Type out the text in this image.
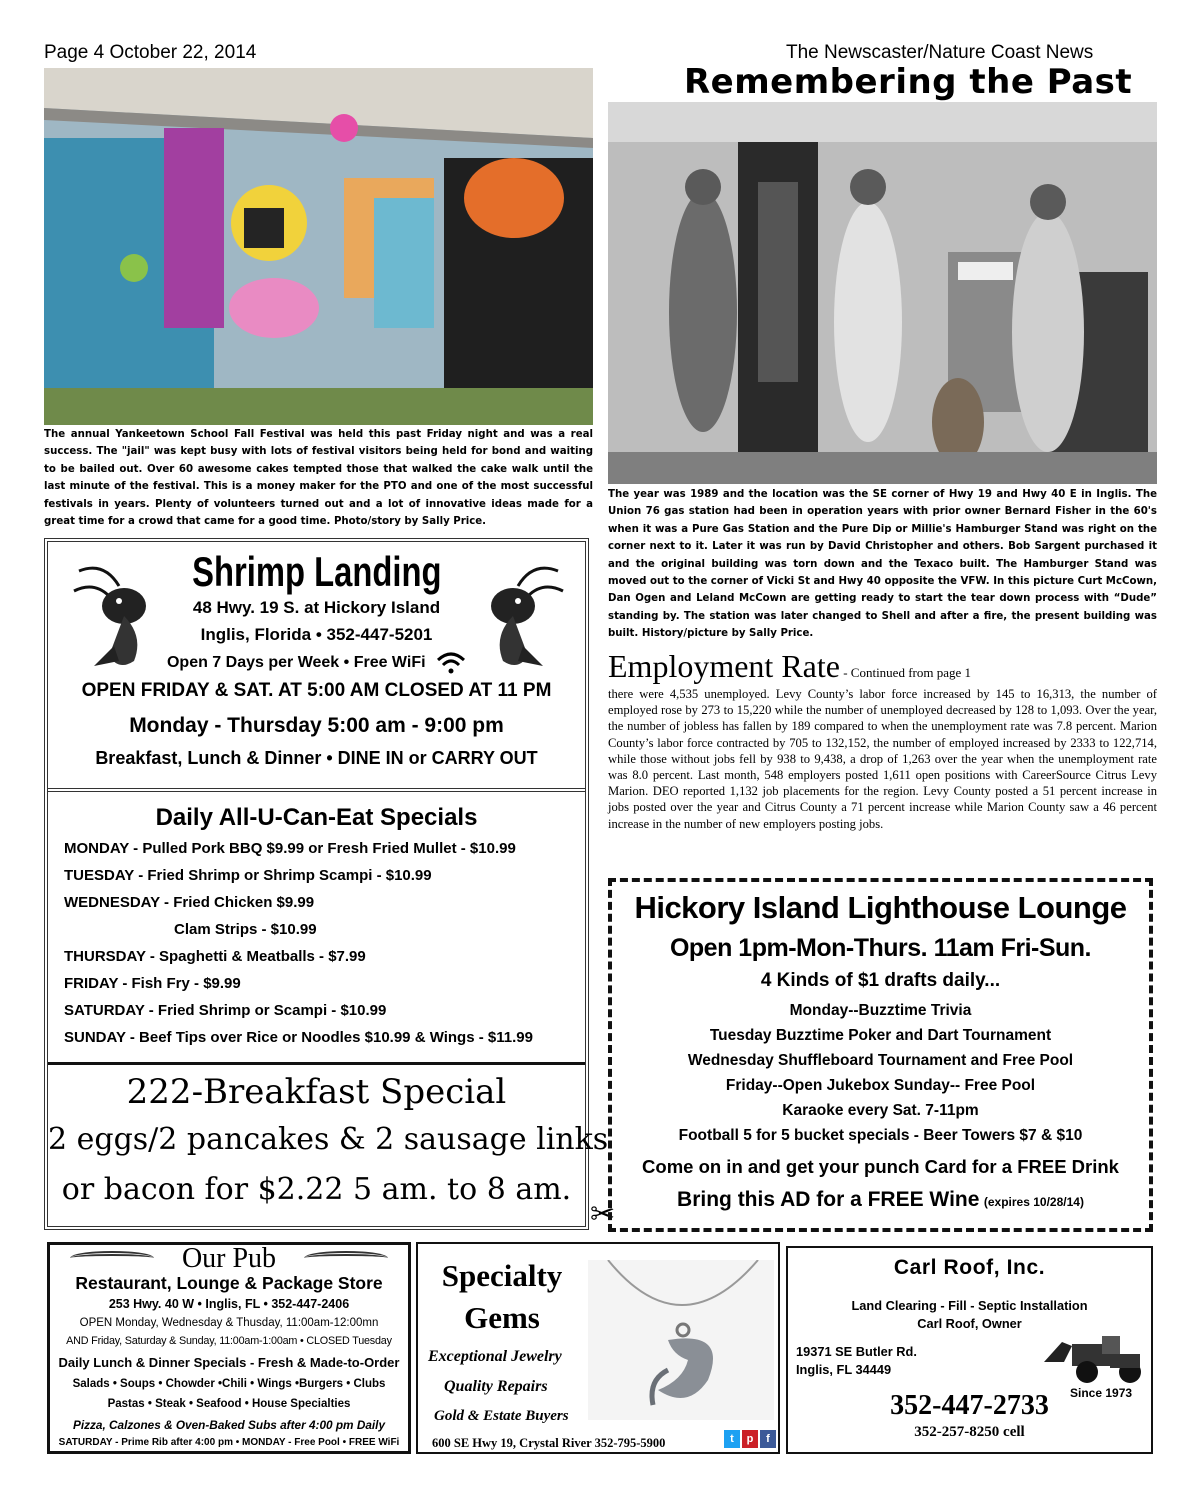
Page 4 October 22, 2014	The Newscaster/Nature Coast News
The annual Yankeetown School Fall Festival was held this past Friday night and was a real success. The "jail" was kept busy with lots of festival visitors being held for bond and waiting to be bailed out. Over 60 awesome cakes tempted those that walked the cake walk until the last minute of the festival. This is a money maker for the PTO and one of the most successful festivals in years. Plenty of volunteers turned out and a lot of innovative ideas made for a great time for a crowd that came for a good time. Photo/story by Sally Price.
Remembering the Past
The year was 1989 and the location was the SE corner of Hwy 19 and Hwy 40 E in Inglis. The Union 76 gas station had been in operation years with prior owner Bernard Fisher in the 60's when it was a Pure Gas Station and the Pure Dip or Millie's Hamburger Stand was right on the corner next to it. Later it was run by David Christopher and others. Bob Sargent purchased it and the original building was torn down and the Texaco built. The Hamburger Stand was moved out to the corner of Vicki St and Hwy 40 opposite the VFW. In this picture Curt McCown, Dan Ogen and Leland McCown are getting ready to start the tear down process with “Dude” standing by. The station was later changed to Shell and after a fire, the present building was built. History/picture by Sally Price.
Employment Rate - Continued from page 1
there were 4,535 unemployed. Levy County’s labor force increased by 145 to 16,313, the number of employed rose by 273 to 15,220 while the number of unemployed decreased by 128 to 1,093. Over the year, the number of jobless has fallen by 189 compared to when the unemployment rate was 7.8 percent. Marion County’s labor force contracted by 705 to 132,152, the number of employed increased by 2333 to 122,714, while those without jobs fell by 938 to 9,438, a drop of 1,263 over the year when the unemployment rate was 8.0 percent. Last month, 548 employers posted 1,611 open positions with CareerSource Citrus Levy Marion. DEO reported 1,132 job placements for the region. Levy County posted a 51 percent increase in jobs posted over the year and Citrus County a 71 percent increase while Marion County saw a 46 percent increase in the number of new employers posting jobs.
Shrimp Landing
48 Hwy. 19 S. at Hickory Island
Inglis, Florida • 352-447-5201
Open 7 Days per Week • Free WiFi
OPEN FRIDAY & SAT. AT 5:00 AM CLOSED AT 11 PM
Monday - Thursday 5:00 am - 9:00 pm
Breakfast, Lunch & Dinner • DINE IN or CARRY OUT
Daily All-U-Can-Eat Specials
MONDAY - Pulled Pork BBQ $9.99 or Fresh Fried Mullet - $10.99
TUESDAY - Fried Shrimp or Shrimp Scampi - $10.99
WEDNESDAY - Fried Chicken $9.99
Clam Strips - $10.99
THURSDAY - Spaghetti & Meatballs - $7.99
FRIDAY - Fish Fry - $9.99
SATURDAY - Fried Shrimp or Scampi - $10.99
SUNDAY - Beef Tips over Rice or Noodles $10.99 & Wings - $11.99
222-Breakfast Special
2 eggs/2 pancakes & 2 sausage links
or bacon for $2.22 5 am. to 8 am.
✂
Hickory Island Lighthouse Lounge
Open 1pm-Mon-Thurs. 11am Fri-Sun.
4 Kinds of $1 drafts daily...
Monday--Buzztime Trivia
Tuesday Buzztime Poker and Dart Tournament
Wednesday Shuffleboard Tournament and Free Pool
Friday--Open Jukebox Sunday-- Free Pool
Karaoke every Sat. 7-11pm
Football 5 for 5 bucket specials - Beer Towers $7 & $10
Come on in and get your punch Card for a FREE Drink
Bring this AD for a FREE Wine (expires 10/28/14)
Our Pub
Restaurant, Lounge & Package Store
253 Hwy. 40 W • Inglis, FL • 352-447-2406
OPEN Monday, Wednesday & Thusday, 11:00am-12:00mn
AND Friday, Saturday & Sunday, 11:00am-1:00am • CLOSED Tuesday
Daily Lunch & Dinner Specials - Fresh & Made-to-Order
Salads • Soups • Chowder •Chili • Wings •Burgers • Clubs
Pastas • Steak • Seafood • House Specialties
Pizza, Calzones & Oven-Baked Subs after 4:00 pm Daily
SATURDAY - Prime Rib after 4:00 pm • MONDAY - Free Pool • FREE WiFi
Specialty
Gems
Exceptional Jewelry
Quality Repairs
Gold & Estate Buyers
600 SE Hwy 19, Crystal River 352-795-5900	t	p	f
Carl Roof, Inc.
Land Clearing - Fill - Septic Installation
Carl Roof, Owner
19371 SE Butler Rd.
Inglis, FL 34449
Since 1973
352-447-2733
352-257-8250 cell
